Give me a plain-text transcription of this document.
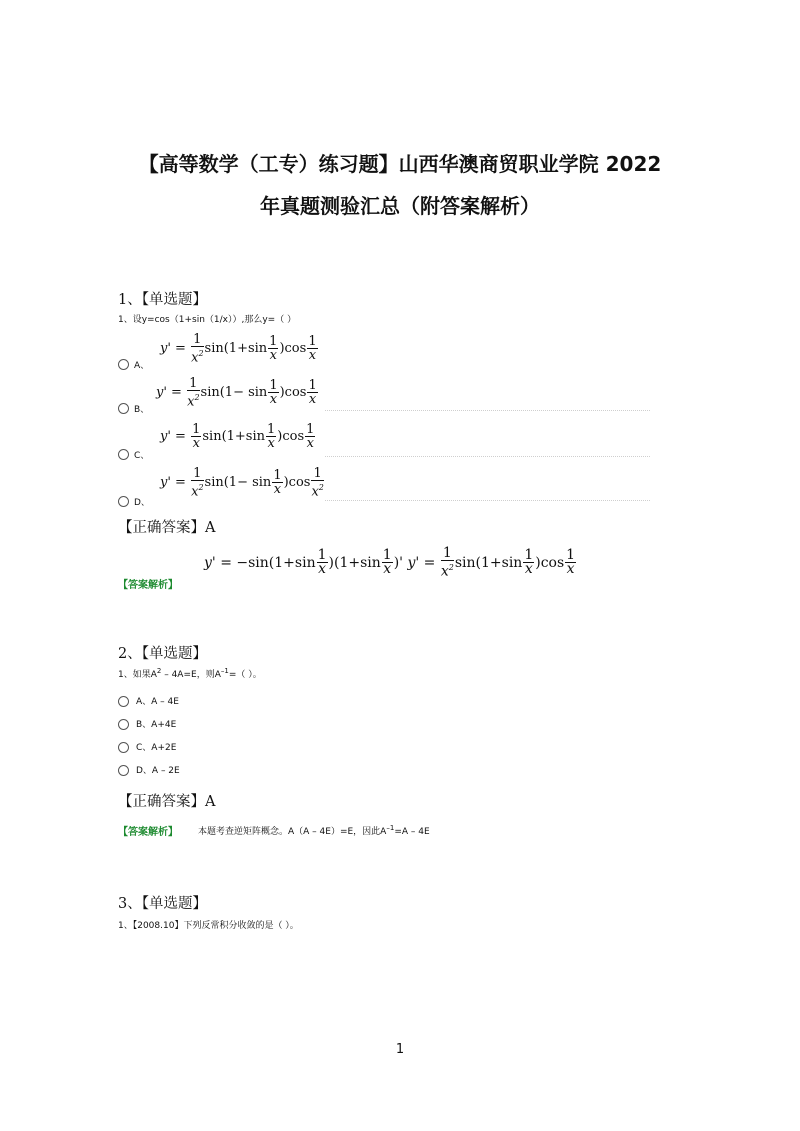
【高等数学（工专）练习题】山西华澳商贸职业学院 2022
年真题测验汇总（附答案解析）
1、【单选题】
1、设y=cos（1+sin（1/x））,那么y=（ ）
A、
$y' = \frac{1}{x^2} \sin(1+\sin \frac{1}{x} )\cos \frac{1}{x}$
B、
$y' = \frac{1}{x^2} \sin(1- \sin \frac{1}{x} )\cos \frac{1}{x}$
C、
$y' = \frac{1}{x} \sin(1+\sin \frac{1}{x} )\cos \frac{1}{x}$
D、
$y' = \frac{1}{x^2} \sin(1- \sin \frac{1}{x} )\cos \frac{1}{x^2}$
【正确答案】A
【答案解析】
$y' = -\sin(1+\sin \frac{1}{x} )(1+\sin \frac{1}{x}$ )' $y' = \frac{1}{x^2} \sin(1+\sin \frac{1}{x} )\cos \frac{1}{x}$
2、【单选题】
1、如果$A^2 - 4A=E$，则$A^{-1}=$（ ）。
A、A – 4E
B、A+4E
C、A+2E
D、A – 2E
【正确答案】A
【答案解析】 本题考查逆矩阵概念。A（A – 4E）=E，因此$A^{-1}=A - 4E$
3、【单选题】
1、【2008.10】下列反常积分收敛的是（ ）。
1
